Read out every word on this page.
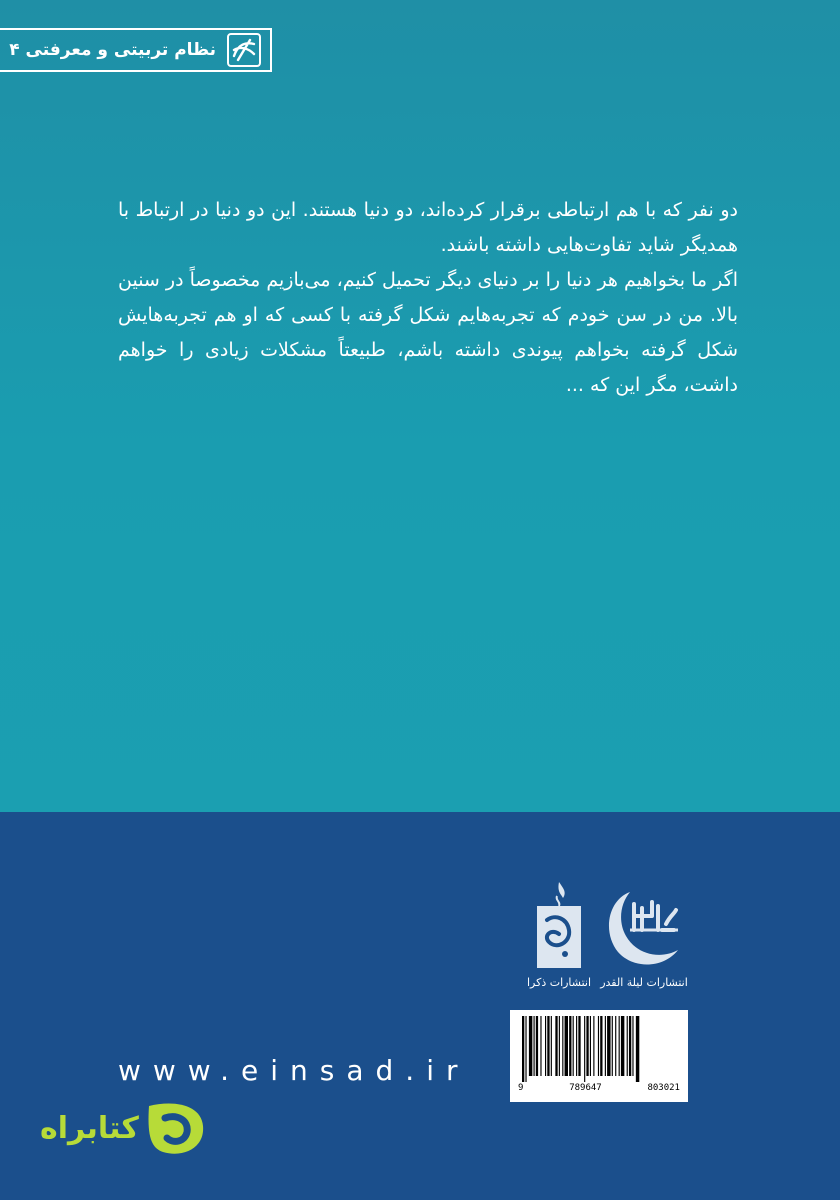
نظام تربیتی و معرفتی ۴

دو نفر که با هم ارتباطی برقرار کرده‌اند، دو دنیا هستند. این دو دنیا در ارتباط با همدیگر شاید تفاوت‌هایی داشته باشند.

اگر ما بخواهیم هر دنیا را بر دنیای دیگر تحمیل کنیم، می‌بازیم مخصوصاً در سنین بالا. من در سن خودم که تجربه‌هایم شکل گرفته با کسی که او هم تجربه‌هایش شکل گرفته بخواهم پیوندی داشته باشم، طبیعتاً مشکلات زیادی را خواهم داشت، مگر این که ...

انتشارات ذکرا انتشارات لیلة القدر
9	789647	803021
www.einsad.ir
کتابراه
